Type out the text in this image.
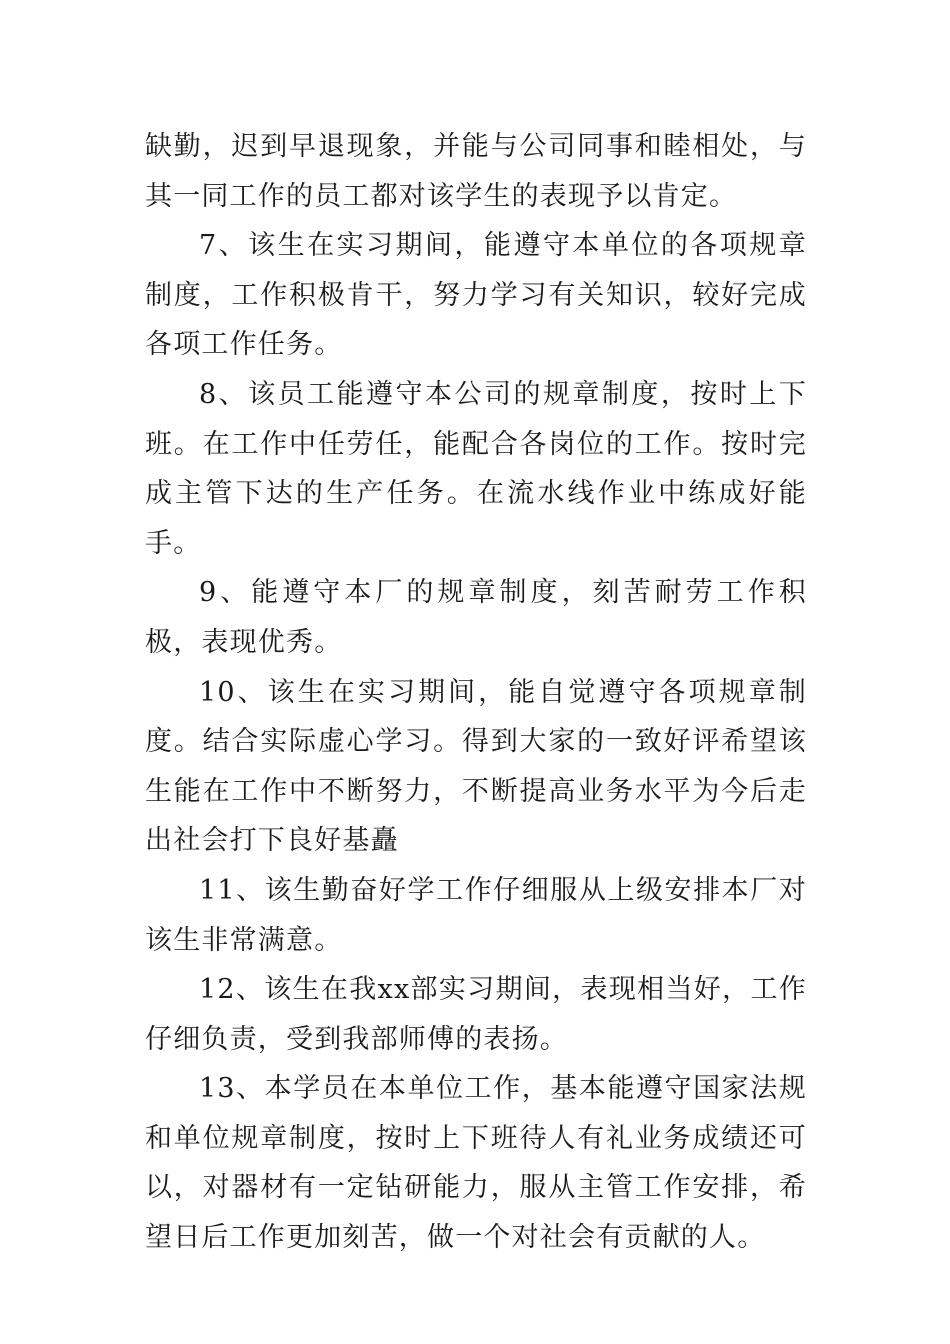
缺勤，迟到早退现象，并能与公司同事和睦相处，与其一同工作的员工都对该学生的表现予以肯定。

7、该生在实习期间，能遵守本单位的各项规章制度，工作积极肯干，努力学习有关知识，较好完成各项工作任务。

8、该员工能遵守本公司的规章制度，按时上下班。在工作中任劳任，能配合各岗位的工作。按时完成主管下达的生产任务。在流水线作业中练成好能手。

9、能遵守本厂的规章制度，刻苦耐劳工作积极，表现优秀。

10、该生在实习期间，能自觉遵守各项规章制度。结合实际虚心学习。得到大家的一致好评希望该生能在工作中不断努力，不断提高业务水平为今后走出社会打下良好基矗

11、该生勤奋好学工作仔细服从上级安排本厂对该生非常满意。

12、该生在我xx部实习期间，表现相当好，工作仔细负责，受到我部师傅的表扬。

13、本学员在本单位工作，基本能遵守国家法规和单位规章制度，按时上下班待人有礼业务成绩还可以，对器材有一定钻研能力，服从主管工作安排，希望日后工作更加刻苦，做一个对社会有贡献的人。
